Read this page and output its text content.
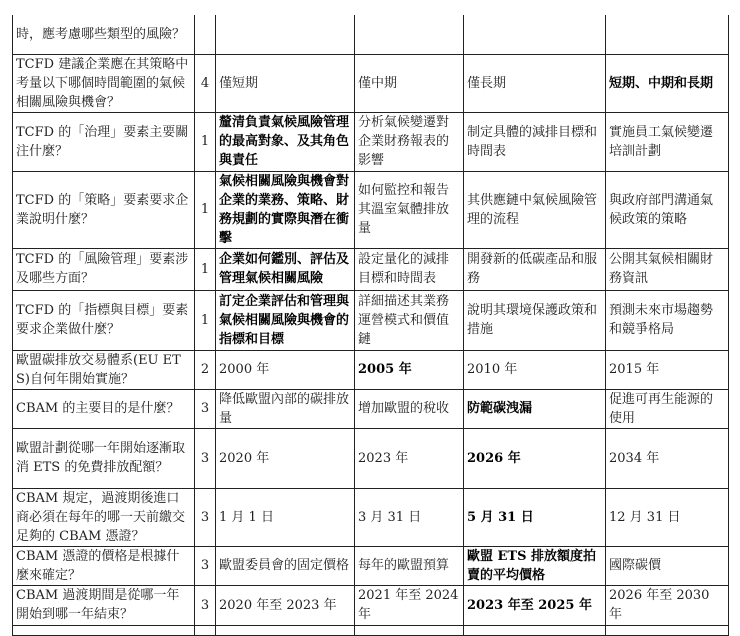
時，應考慮哪些類型的風險？					
TCFD 建議企業應在其策略中考量以下哪個時間範圍的氣候相關風險與機會？	4	僅短期	僅中期	僅長期	短期、中期和長期
TCFD 的「治理」要素主要關注什麼？	1	釐清負責氣候風險管理的最高對象、及其角色與責任	分析氣候變遷對企業財務報表的影響	制定具體的減排目標和時間表	實施員工氣候變遷培訓計劃
TCFD 的「策略」要素要求企業說明什麼？	1	氣候相關風險與機會對企業的業務、策略、財務規劃的實際與潛在衝擊	如何監控和報告其溫室氣體排放量	其供應鏈中氣候風險管理的流程	與政府部門溝通氣候政策的策略
TCFD 的「風險管理」要素涉及哪些方面？	1	企業如何鑑別、評估及管理氣候相關風險	設定量化的減排目標和時間表	開發新的低碳產品和服務	公開其氣候相關財務資訊
TCFD 的「指標與目標」要素要求企業做什麼？	1	訂定企業評估和管理與氣候相關風險與機會的指標和目標	詳細描述其業務運營模式和價值鏈	說明其環境保護政策和措施	預測未來市場趨勢和競爭格局
歐盟碳排放交易體系(EU ETS)自何年開始實施？	2	2000 年	2005 年	2010 年	2015 年
CBAM 的主要目的是什麼？	3	降低歐盟內部的碳排放量	增加歐盟的稅收	防範碳洩漏	促進可再生能源的使用
歐盟計劃從哪一年開始逐漸取消 ETS 的免費排放配額？	3	2020 年	2023 年	2026 年	2034 年
CBAM 規定，過渡期後進口商必須在每年的哪一天前繳交足夠的 CBAM 憑證？	3	1 月 1 日	3 月 31 日	5 月 31 日	12 月 31 日
CBAM 憑證的價格是根據什麼來確定？	3	歐盟委員會的固定價格	每年的歐盟預算	歐盟 ETS 排放額度拍賣的平均價格	國際碳價
CBAM 過渡期間是從哪一年開始到哪一年結束？	3	2020 年至 2023 年	2021 年至 2024 年	2023 年至 2025 年	2026 年至 2030 年
